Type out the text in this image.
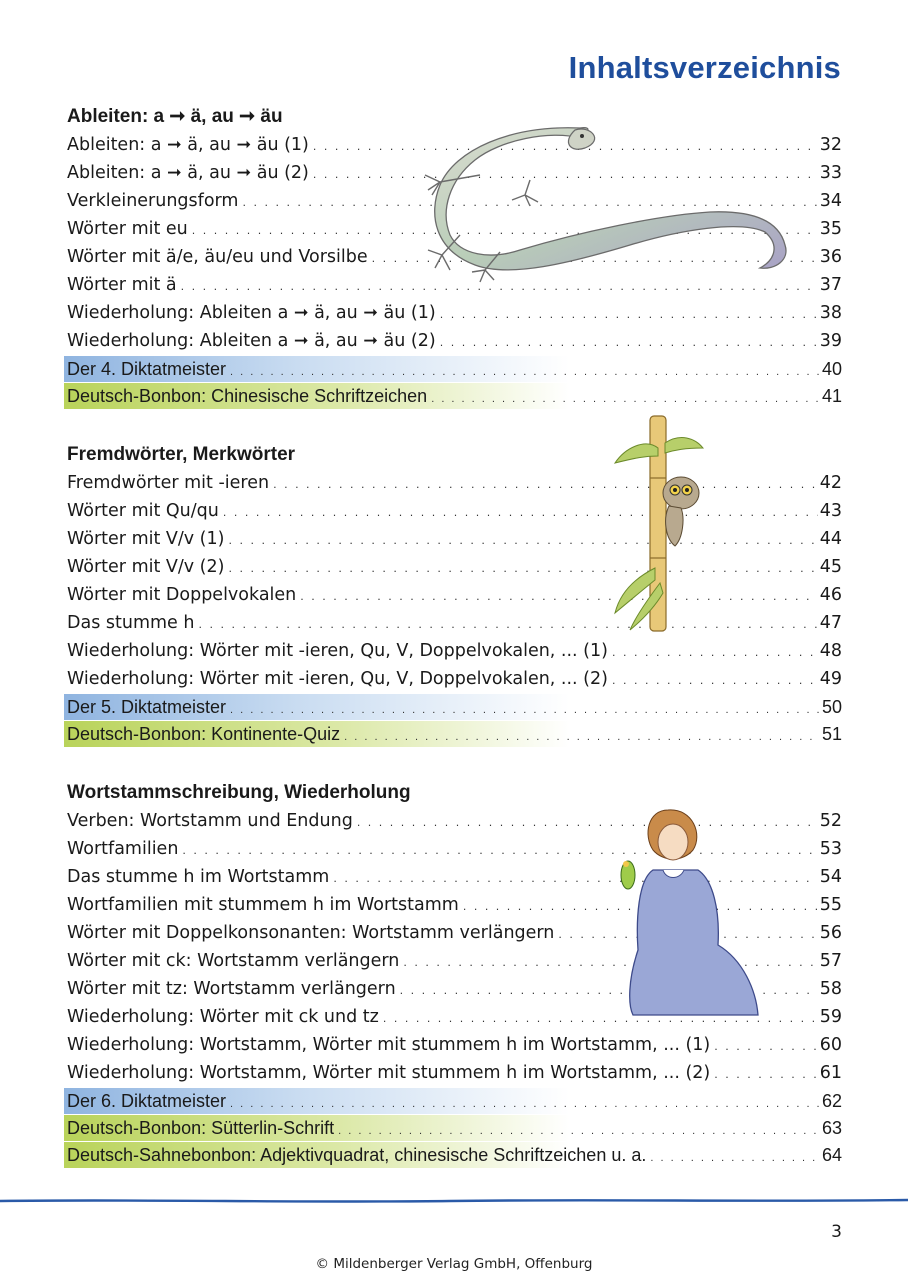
Inhaltsverzeichnis
Ableiten: a ➞ ä, au ➞ äu
Ableiten: a ➞ ä, au ➞ äu (1) . . .	32
Ableiten: a ➞ ä, au ➞ äu (2) . . .	33
Verkleinerungsform . . .	34
Wörter mit eu . . .	35
Wörter mit ä/e, äu/eu und Vorsilbe . . .	36
Wörter mit ä . . .	37
Wiederholung: Ableiten a ➞ ä, au ➞ äu (1) . . .	38
Wiederholung: Ableiten a ➞ ä, au ➞ äu (2) . . .	39
Der 4. Diktatmeister . . .	40
Deutsch-Bonbon: Chinesische Schriftzeichen . . .	41
Fremdwörter, Merkwörter
Fremdwörter mit -ieren . . .	42
Wörter mit Qu/qu . . .	43
Wörter mit V/v (1) . . .	44
Wörter mit V/v (2) . . .	45
Wörter mit Doppelvokalen . . .	46
Das stumme h . . .	47
Wiederholung: Wörter mit -ieren, Qu, V, Doppelvokalen, ... (1) . . .	48
Wiederholung: Wörter mit -ieren, Qu, V, Doppelvokalen, ... (2) . . .	49
Der 5. Diktatmeister . . .	50
Deutsch-Bonbon: Kontinente-Quiz . . .	51
Wortstammschreibung, Wiederholung
Verben: Wortstamm und Endung . . .	52
Wortfamilien . . .	53
Das stumme h im Wortstamm . . .	54
Wortfamilien mit stummem h im Wortstamm . . .	55
Wörter mit Doppelkonsonanten: Wortstamm verlängern . . .	56
Wörter mit ck: Wortstamm verlängern . . .	57
Wörter mit tz: Wortstamm verlängern . . .	58
Wiederholung: Wörter mit ck und tz . . .	59
Wiederholung: Wortstamm, Wörter mit stummem h im Wortstamm, ... (1) . . .	60
Wiederholung: Wortstamm, Wörter mit stummem h im Wortstamm, ... (2) . . .	61
Der 6. Diktatmeister . . .	62
Deutsch-Bonbon: Sütterlin-Schrift . . .	63
Deutsch-Sahnebonbon: Adjektivquadrat, chinesische Schriftzeichen u. a. . . .	64
3
© Mildenberger Verlag GmbH, Offenburg
